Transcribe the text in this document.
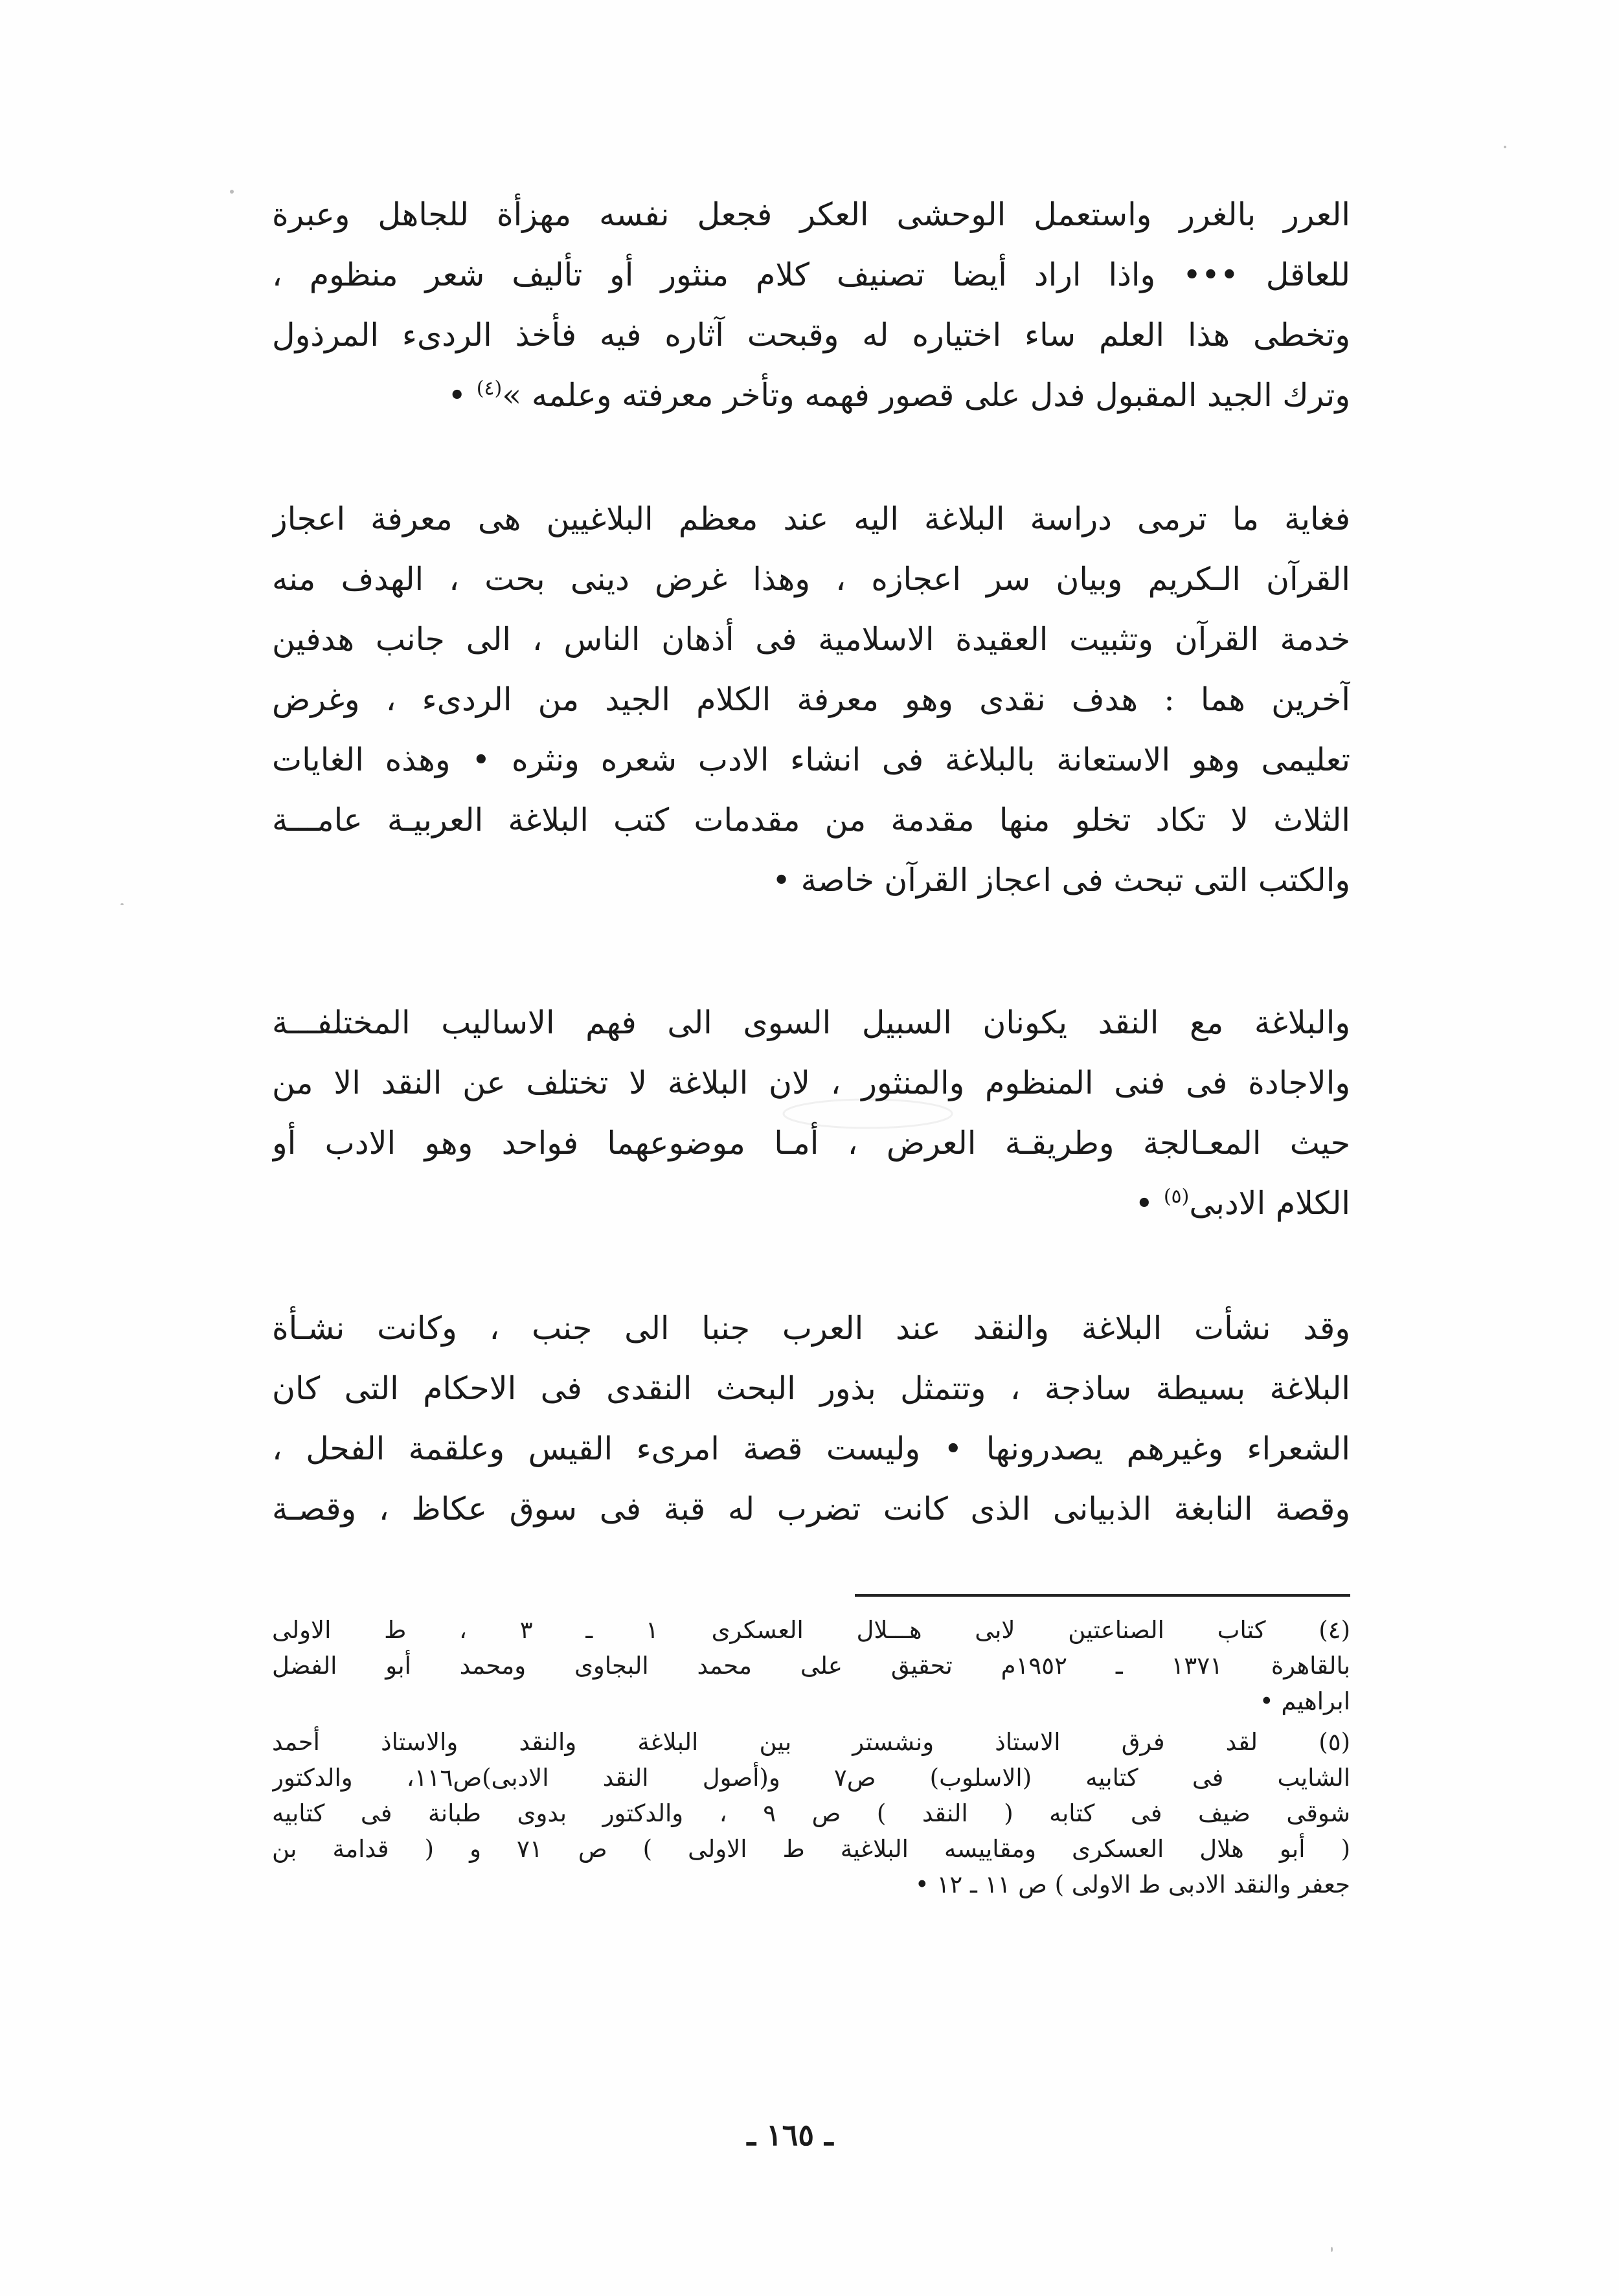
العرر بالغرر واستعمل الوحشى العكر فجعل نفسه مهزأة للجاهل وعبرة
للعاقل ••• واذا اراد أيضا تصنيف كلام منثور أو تأليف شعر منظوم ،
وتخطى هذا العلم ساء اختياره له وقبحت آثاره فيه فأخذ الردىء المرذول
وترك الجيد المقبول فدل على قصور فهمه وتأخر معرفته وعلمه »$^{(٤)}$ •
فغاية ما ترمى دراسة البلاغة اليه عند معظم البلاغيين هى معرفة اعجاز
القرآن الـكريم وبيان سر اعجازه ، وهذا غرض دينى بحت ، الهدف منه
خدمة القرآن وتثبيت العقيدة الاسلامية فى أذهان الناس ، الى جانب هدفين
آخرين هما : هدف نقدى وهو معرفة الكلام الجيد من الردىء ، وغرض
تعليمى وهو الاستعانة بالبلاغة فى انشاء الادب شعره ونثره • وهذه الغايات
الثلاث لا تكاد تخلو منها مقدمة من مقدمات كتب البلاغة العربيـة عامـــة
والكتب التى تبحث فى اعجاز القرآن خاصة •
والبلاغة مع النقد يكونان السبيل السوى الى فهم الاساليب المختلفـــة
والاجادة فى فنى المنظوم والمنثور ، لان البلاغة لا تختلف عن النقد الا من
حيث المعـالجة وطريقـة العرض ، أمـا موضوعهما فواحد وهو الادب أو
الكلام الادبى$^{(٥)}$ •
وقد نشأت البلاغة والنقد عند العرب جنبا الى جنب ، وكانت نشـأة
البلاغة بسيطة ساذجة ، وتتمثل بذور البحث النقدى فى الاحكام التى كان
الشعراء وغيرهم يصدرونها • وليست قصة امرىء القيس وعلقمة الفحل ،
وقصة النابغة الذبيانى الذى كانت تضرب له قبة فى سوق عكاظ ، وقصـة
(٤) كتاب الصناعتين لابى هـــلال العسكرى ١ ـ ٣ ، ط الاولى
بالقاهرة ١٣٧١ ـ ١٩٥٢م تحقيق على محمد البجاوى ومحمد أبو الفضل
ابراهيم •
(٥) لقد فرق الاستاذ ونشستر بين البلاغة والنقد والاستاذ أحمد
الشايب فى كتابيه (الاسلوب) ص٧ و(أصول النقد الادبى)ص١١٦، والدكتور
شوقى ضيف فى كتابه ( النقد ) ص ٩ ، والدكتور بدوى طبانة فى كتابيه
( أبو هلال العسكرى ومقاييسه البلاغية ط الاولى ) ص ٧١ و ( قدامة بن
جعفر والنقد الادبى ط الاولى ) ص ١١ ـ ١٢ •
ـ ١٦٥ ـ
